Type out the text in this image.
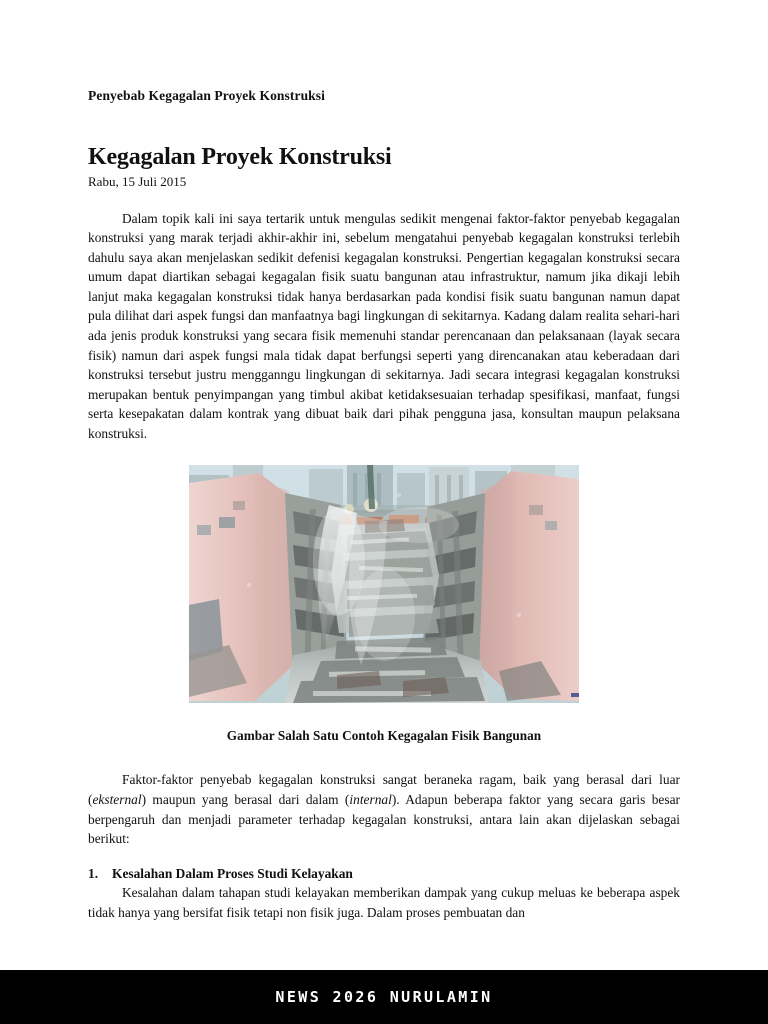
Penyebab Kegagalan Proyek Konstruksi
Kegagalan Proyek Konstruksi
Rabu, 15 Juli 2015

Dalam topik kali ini saya tertarik untuk mengulas sedikit mengenai faktor-faktor penyebab kegagalan konstruksi yang marak terjadi akhir-akhir ini, sebelum mengatahui penyebab kegagalan konstruksi terlebih dahulu saya akan menjelaskan sedikit defenisi kegagalan konstruksi. Pengertian kegagalan konstruksi secara umum dapat diartikan sebagai kegagalan fisik suatu bangunan atau infrastruktur, namum jika dikaji lebih lanjut maka kegagalan konstruksi tidak hanya berdasarkan pada kondisi fisik suatu bangunan namun dapat pula dilihat dari aspek fungsi dan manfaatnya bagi lingkungan di sekitarnya. Kadang dalam realita sehari-hari ada jenis produk konstruksi yang secara fisik memenuhi standar perencanaan dan pelaksanaan (layak secara fisik) namun dari aspek fungsi mala tidak dapat berfungsi seperti yang direncanakan atau keberadaan dari konstruksi tersebut justru mengganngu lingkungan di sekitarnya. Jadi secara integrasi kegagalan konstruksi merupakan bentuk penyimpangan yang timbul akibat ketidaksesuaian terhadap spesifikasi, manfaat, fungsi serta kesepakatan dalam kontrak yang dibuat baik dari pihak pengguna jasa, konsultan maupun pelaksana konstruksi.

Gambar Salah Satu Contoh Kegagalan Fisik Bangunan

Faktor-faktor penyebab kegagalan konstruksi sangat beraneka ragam, baik yang berasal dari luar (eksternal) maupun yang berasal dari dalam (internal). Adapun beberapa faktor yang secara garis besar berpengaruh dan menjadi parameter terhadap kegagalan konstruksi, antara lain akan dijelaskan sebagai berikut:

1. Kesalahan Dalam Proses Studi Kelayakan

Kesalahan dalam tahapan studi kelayakan memberikan dampak yang cukup meluas ke beberapa aspek tidak hanya yang bersifat fisik tetapi non fisik juga. Dalam proses pembuatan dan

NEWS 2026 NURULAMIN
